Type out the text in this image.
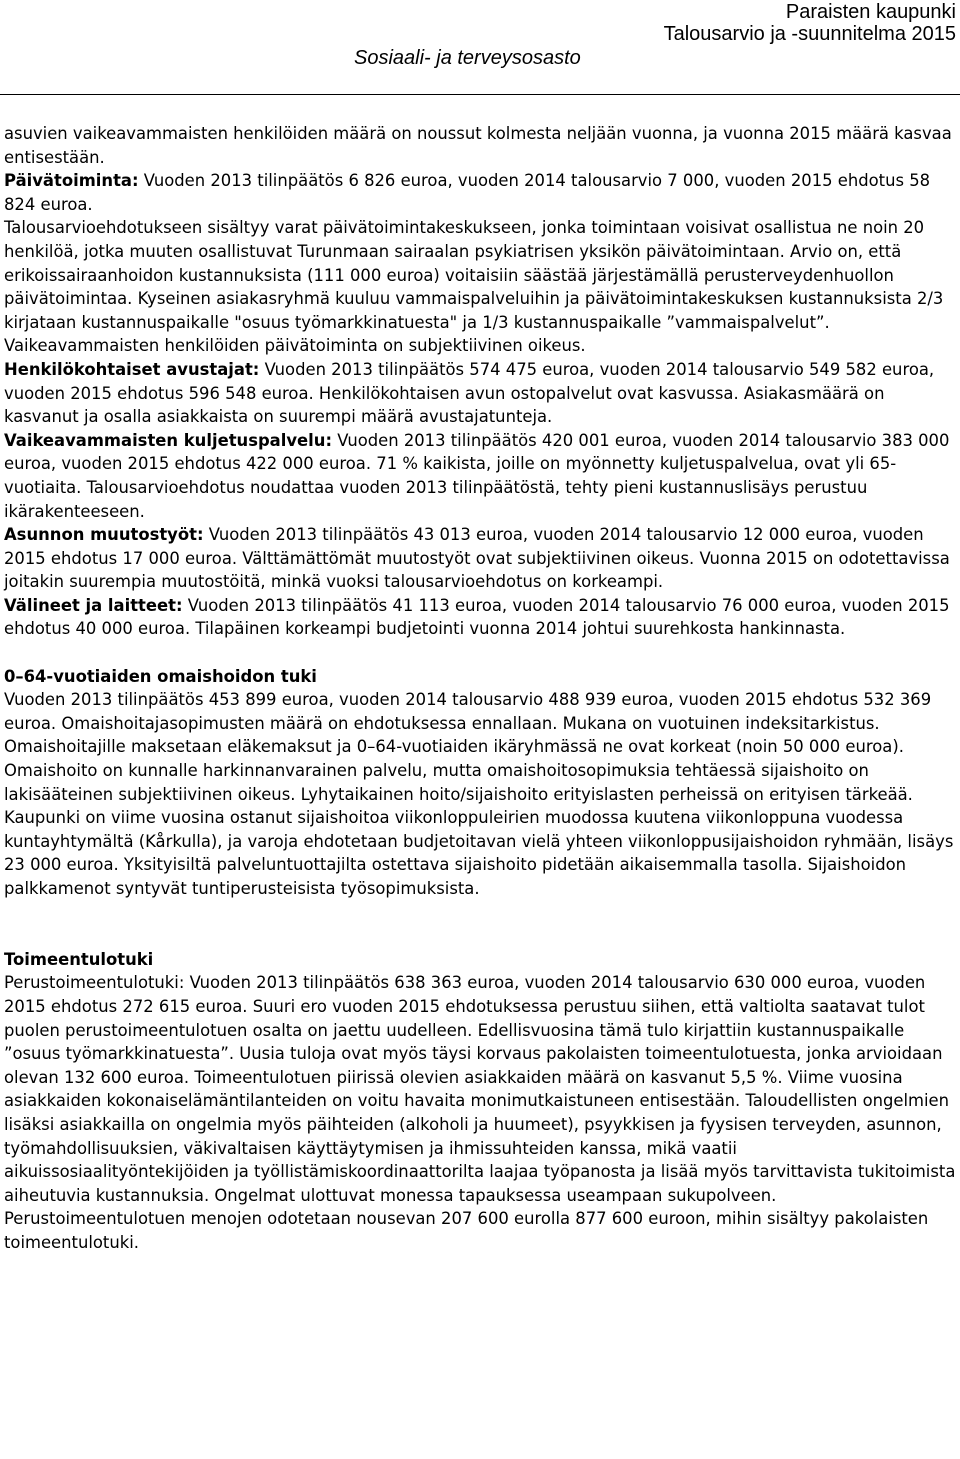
Paraisten kaupunki
Talousarvio ja -suunnitelma 2015
Sosiaali- ja terveysosasto

asuvien vaikeavammaisten henkilöiden määrä on noussut kolmesta neljään vuonna, ja vuonna 2015 määrä kasvaa entisestään.

Päivätoiminta: Vuoden 2013 tilinpäätös 6 826 euroa, vuoden 2014 talousarvio 7 000, vuoden 2015 ehdotus 58 824 euroa.

Talousarvioehdotukseen sisältyy varat päivätoimintakeskukseen, jonka toimintaan voisivat osallistua ne noin 20 henkilöä, jotka muuten osallistuvat Turunmaan sairaalan psykiatrisen yksikön päivätoimintaan. Arvio on, että erikoissairaanhoidon kustannuksista (111 000 euroa) voitaisiin säästää järjestämällä perusterveydenhuollon päivätoimintaa. Kyseinen asiakasryhmä kuuluu vammaispalveluihin ja päivätoimintakeskuksen kustannuksista 2/3 kirjataan kustannuspaikalle "osuus työmarkkinatuesta" ja 1/3 kustannuspaikalle ”vammaispalvelut”. Vaikeavammaisten henkilöiden päivätoiminta on subjektiivinen oikeus.

Henkilökohtaiset avustajat: Vuoden 2013 tilinpäätös 574 475 euroa, vuoden 2014 talousarvio 549 582 euroa, vuoden 2015 ehdotus 596 548 euroa. Henkilökohtaisen avun ostopalvelut ovat kasvussa. Asiakasmäärä on kasvanut ja osalla asiakkaista on suurempi määrä avustajatunteja.

Vaikeavammaisten kuljetuspalvelu: Vuoden 2013 tilinpäätös 420 001 euroa, vuoden 2014 talousarvio 383 000 euroa, vuoden 2015 ehdotus 422 000 euroa. 71 % kaikista, joille on myönnetty kuljetuspalvelua, ovat yli 65-vuotiaita. Talousarvioehdotus noudattaa vuoden 2013 tilinpäätöstä, tehty pieni kustannuslisäys perustuu ikärakenteeseen.

Asunnon muutostyöt: Vuoden 2013 tilinpäätös 43 013 euroa, vuoden 2014 talousarvio 12 000 euroa, vuoden 2015 ehdotus 17 000 euroa. Välttämättömät muutostyöt ovat subjektiivinen oikeus. Vuonna 2015 on odotettavissa joitakin suurempia muutostöitä, minkä vuoksi talousarvioehdotus on korkeampi.

Välineet ja laitteet: Vuoden 2013 tilinpäätös 41 113 euroa, vuoden 2014 talousarvio 76 000 euroa, vuoden 2015 ehdotus 40 000 euroa. Tilapäinen korkeampi budjetointi vuonna 2014 johtui suurehkosta hankinnasta.

0–64-vuotiaiden omaishoidon tuki

Vuoden 2013 tilinpäätös 453 899 euroa, vuoden 2014 talousarvio 488 939 euroa, vuoden 2015 ehdotus 532 369 euroa. Omaishoitajasopimusten määrä on ehdotuksessa ennallaan. Mukana on vuotuinen indeksitarkistus. Omaishoitajille maksetaan eläkemaksut ja 0–64-vuotiaiden ikäryhmässä ne ovat korkeat (noin 50 000 euroa). Omaishoito on kunnalle harkinnanvarainen palvelu, mutta omaishoitosopimuksia tehtäessä sijaishoito on lakisääteinen subjektiivinen oikeus. Lyhytaikainen hoito/sijaishoito erityislasten perheissä on erityisen tärkeää. Kaupunki on viime vuosina ostanut sijaishoitoa viikonloppuleirien muodossa kuutena viikonloppuna vuodessa kuntayhtymältä (Kårkulla), ja varoja ehdotetaan budjetoitavan vielä yhteen viikonloppusijaishoidon ryhmään, lisäys 23 000 euroa. Yksityisiltä palveluntuottajilta ostettava sijaishoito pidetään aikaisemmalla tasolla. Sijaishoidon palkkamenot syntyvät tuntiperusteisista työsopimuksista.

Toimeentulotuki

Perustoimeentulotuki: Vuoden 2013 tilinpäätös 638 363 euroa, vuoden 2014 talousarvio 630 000 euroa, vuoden 2015 ehdotus 272 615 euroa. Suuri ero vuoden 2015 ehdotuksessa perustuu siihen, että valtiolta saatavat tulot puolen perustoimeentulotuen osalta on jaettu uudelleen. Edellisvuosina tämä tulo kirjattiin kustannuspaikalle ”osuus työmarkkinatuesta”. Uusia tuloja ovat myös täysi korvaus pakolaisten toimeentulotuesta, jonka arvioidaan olevan 132 600 euroa. Toimeentulotuen piirissä olevien asiakkaiden määrä on kasvanut 5,5 %. Viime vuosina asiakkaiden kokonaiselämäntilanteiden on voitu havaita monimutkaistuneen entisestään. Taloudellisten ongelmien lisäksi asiakkailla on ongelmia myös päihteiden (alkoholi ja huumeet), psyykkisen ja fyysisen terveyden, asunnon, työmahdollisuuksien, väkivaltaisen käyttäytymisen ja ihmissuhteiden kanssa, mikä vaatii aikuissosiaalityöntekijöiden ja työllistämiskoordinaattorilta laajaa työpanosta ja lisää myös tarvittavista tukitoimista aiheutuvia kustannuksia. Ongelmat ulottuvat monessa tapauksessa useampaan sukupolveen. Perustoimeentulotuen menojen odotetaan nousevan 207 600 eurolla 877 600 euroon, mihin sisältyy pakolaisten toimeentulotuki.
